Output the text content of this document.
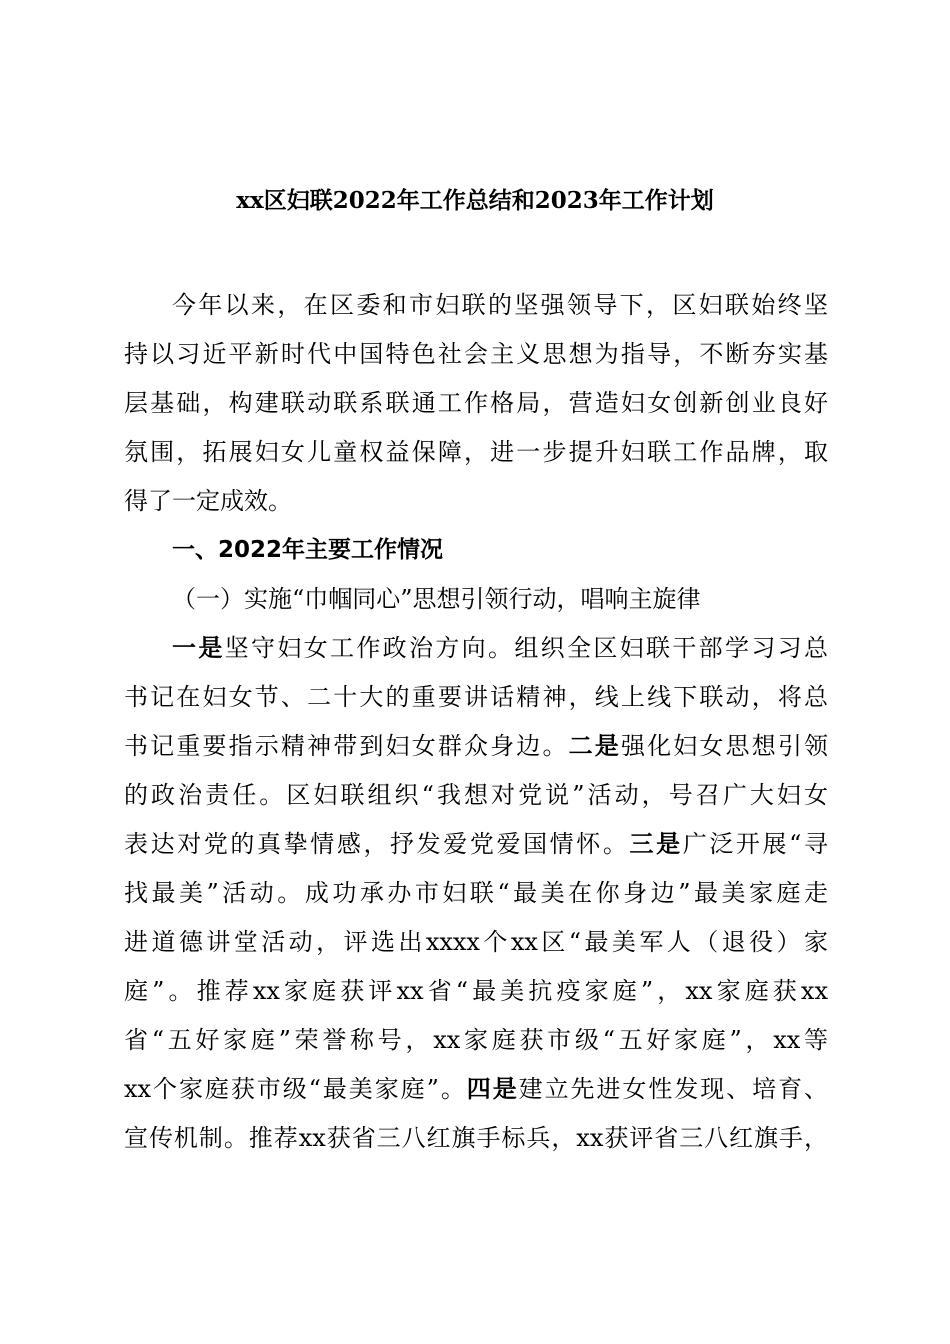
xx区妇联2022年工作总结和2023年工作计划
今年以来，在区委和市妇联的坚强领导下，区妇联始终坚
持以习近平新时代中国特色社会主义思想为指导，不断夯实基
层基础，构建联动联系联通工作格局，营造妇女创新创业良好
氛围，拓展妇女儿童权益保障，进一步提升妇联工作品牌，取
得了一定成效。
一、2022年主要工作情况
（一）实施“巾帼同心”思想引领行动，唱响主旋律
一是坚守妇女工作政治方向。组织全区妇联干部学习习总
书记在妇女节、二十大的重要讲话精神，线上线下联动，将总
书记重要指示精神带到妇女群众身边。二是强化妇女思想引领
的政治责任。区妇联组织“我想对党说”活动，号召广大妇女
表达对党的真挚情感，抒发爱党爱国情怀。三是广泛开展“寻
找最美”活动。成功承办市妇联“最美在你身边”最美家庭走
进道德讲堂活动，评选出xxxx个xx区“最美军人（退役）家
庭”。推荐xx家庭获评xx省“最美抗疫家庭”，xx家庭获xx
省“五好家庭”荣誉称号，xx家庭获市级“五好家庭”，xx等
xx个家庭获市级“最美家庭”。四是建立先进女性发现、培育、
宣传机制。推荐xx获省三八红旗手标兵，xx获评省三八红旗手，
